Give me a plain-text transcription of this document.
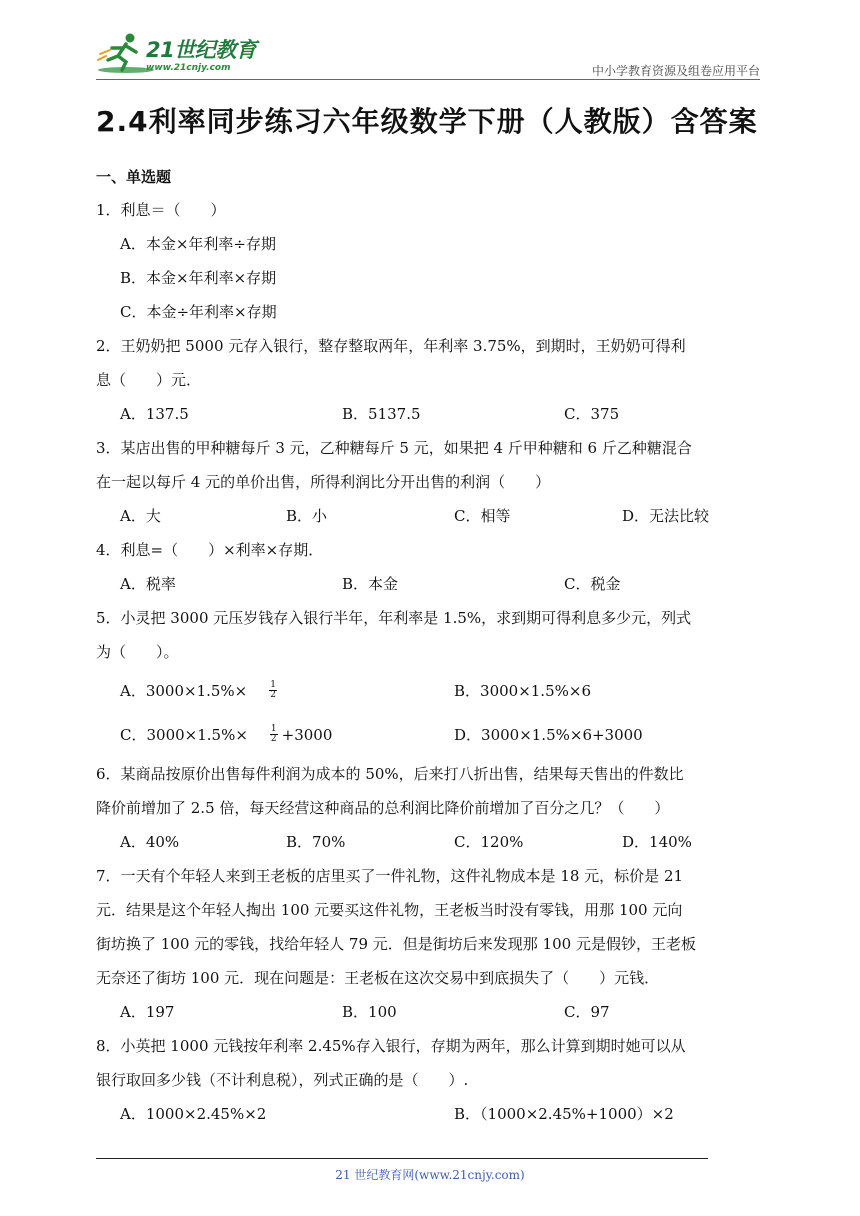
21世纪教育
www.21cnjy.com	中小学教育资源及组卷应用平台
2.4利率同步练习六年级数学下册（人教版）含答案
一、单选题
1．利息＝（　　）
A．本金×年利率÷存期
B．本金×年利率×存期
C．本金÷年利率×存期
2．王奶奶把 5000 元存入银行，整存整取两年，年利率 3.75%，到期时，王奶奶可得利
息（　　）元．
A．137.5	B．5137.5	C．375
3．某店出售的甲种糖每斤 3 元，乙种糖每斤 5 元，如果把 4 斤甲种糖和 6 斤乙种糖混合
在一起以每斤 4 元的单价出售，所得利润比分开出售的利润（　　）
A．大	B．小	C．相等	D．无法比较
4．利息=（　　）×利率×存期．
A．税率	B．本金	C．税金
5．小灵把 3000 元压岁钱存入银行半年，年利率是 1.5%，求到期可得利息多少元，列式
为（　　）。
A．$3000\times 1.5\%\times \frac{1}{2}$	B．3000×1.5%×6
C．$3000\times 1.5\%\times \frac{1}{2} +3000$	D．3000×1.5%×6+3000
6．某商品按原价出售每件利润为成本的 50%，后来打八折出售，结果每天售出的件数比
降价前增加了 2.5 倍，每天经营这种商品的总利润比降价前增加了百分之几？（　　）
A．40%	B．70%	C．120%	D．140%
7．一天有个年轻人来到王老板的店里买了一件礼物，这件礼物成本是 18 元，标价是 21
元．结果是这个年轻人掏出 100 元要买这件礼物，王老板当时没有零钱，用那 100 元向
街坊换了 100 元的零钱，找给年轻人 79 元．但是街坊后来发现那 100 元是假钞，王老板
无奈还了街坊 100 元．现在问题是：王老板在这次交易中到底损失了（　　）元钱．
A．197	B．100	C．97
8．小英把 1000 元钱按年利率 2.45%存入银行，存期为两年，那么计算到期时她可以从
银行取回多少钱（不计利息税），列式正确的是（　　）.
A．1000×2.45%×2	B．（1000×2.45%+1000）×2
21 世纪教育网(www.21cnjy.com)
